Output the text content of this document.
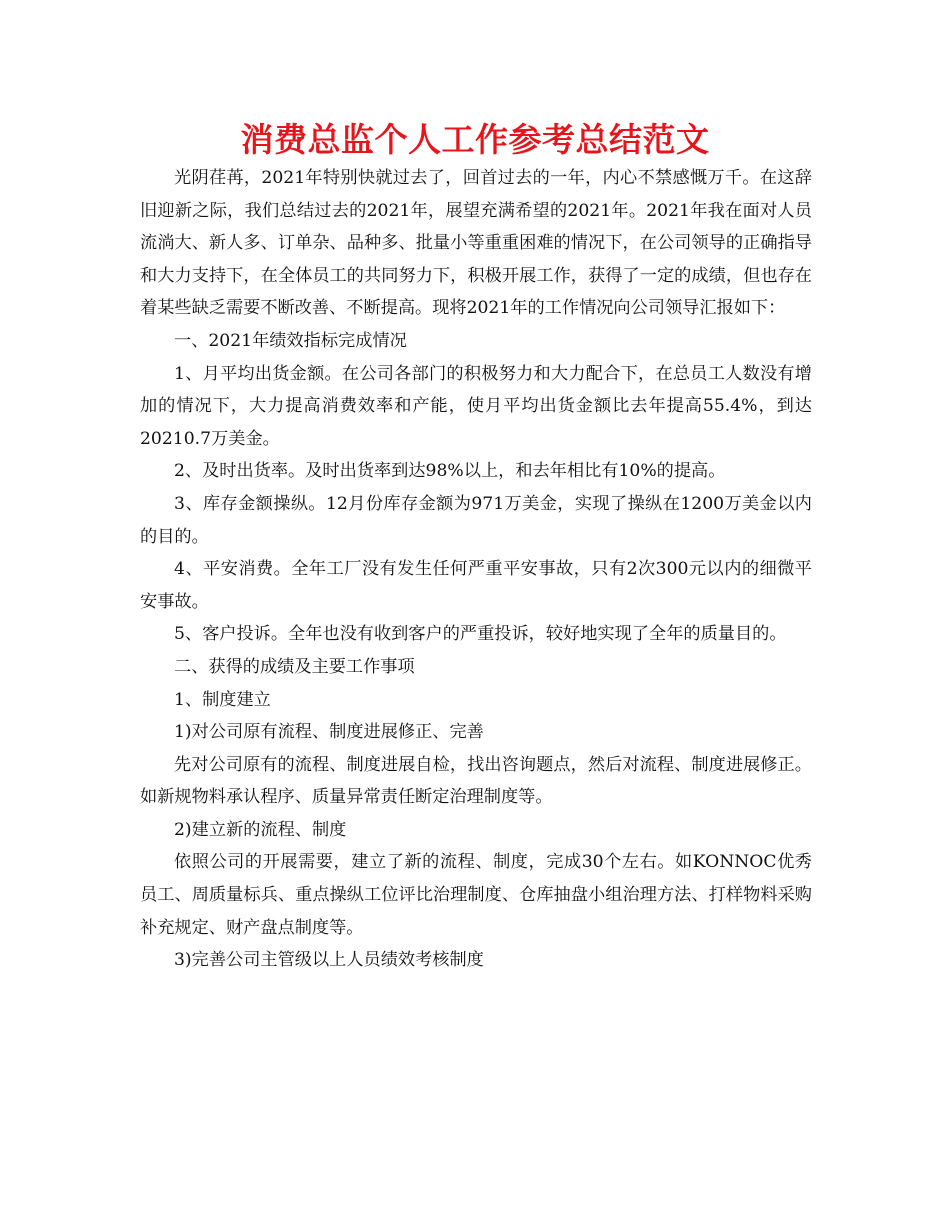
消费总监个人工作参考总结范文

光阴荏苒，2021年特别快就过去了，回首过去的一年，内心不禁感慨万千。在这辞旧迎新之际，我们总结过去的2021年，展望充满希望的2021年。2021年我在面对人员流淌大、新人多、订单杂、品种多、批量小等重重困难的情况下，在公司领导的正确指导和大力支持下，在全体员工的共同努力下，积极开展工作，获得了一定的成绩，但也存在着某些缺乏需要不断改善、不断提高。现将2021年的工作情况向公司领导汇报如下：

一、2021年绩效指标完成情况

1、月平均出货金额。在公司各部门的积极努力和大力配合下，在总员工人数没有增加的情况下，大力提高消费效率和产能，使月平均出货金额比去年提高55.4%，到达20210.7万美金。

2、及时出货率。及时出货率到达98%以上，和去年相比有10%的提高。

3、库存金额操纵。12月份库存金额为971万美金，实现了操纵在1200万美金以内的目的。

4、平安消费。全年工厂没有发生任何严重平安事故，只有2次300元以内的细微平安事故。

5、客户投诉。全年也没有收到客户的严重投诉，较好地实现了全年的质量目的。

二、获得的成绩及主要工作事项

1、制度建立

1)对公司原有流程、制度进展修正、完善

先对公司原有的流程、制度进展自检，找出咨询题点，然后对流程、制度进展修正。如新规物料承认程序、质量异常责任断定治理制度等。

2)建立新的流程、制度

依照公司的开展需要，建立了新的流程、制度，完成30个左右。如KONNOC优秀员工、周质量标兵、重点操纵工位评比治理制度、仓库抽盘小组治理方法、打样物料采购补充规定、财产盘点制度等。

3)完善公司主管级以上人员绩效考核制度
